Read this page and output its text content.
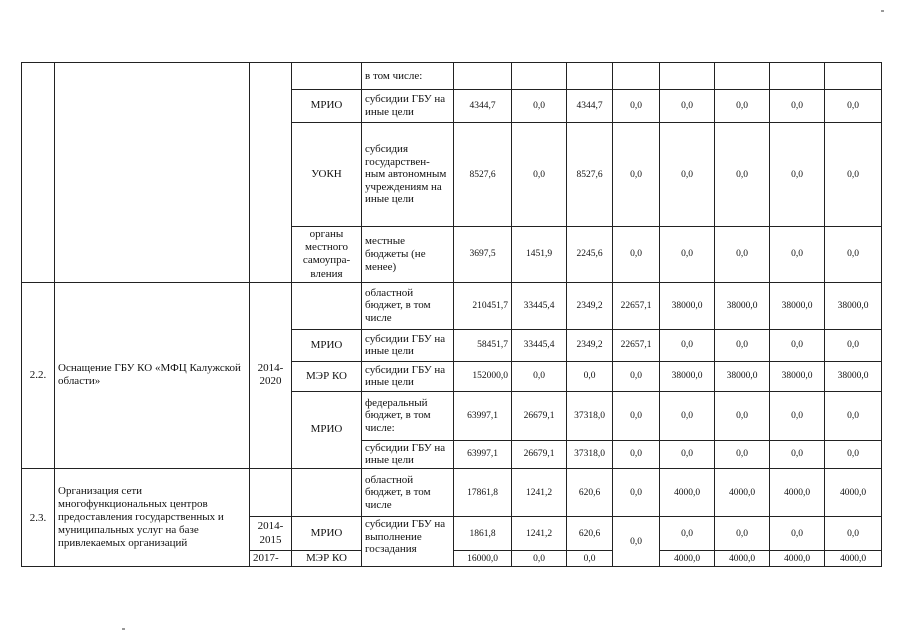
				в том числе:								
			МРИО	субсидии ГБУ на иные цели	4344,7	0,0	4344,7	0,0	0,0	0,0	0,0	0,0
			УОКН	субсидия государствен-ным автономным учреждениям на иные цели	8527,6	0,0	8527,6	0,0	0,0	0,0	0,0	0,0
			органы местного самоупра-вления	местные бюджеты (не менее)	3697,5	1451,9	2245,6	0,0	0,0	0,0	0,0	0,0
2.2.	Оснащение ГБУ КО «МФЦ Калужской области»	2014-2020		областной бюджет, в том числе	210451,7	33445,4	2349,2	22657,1	38000,0	38000,0	38000,0	38000,0
			МРИО	субсидии ГБУ на иные цели	58451,7	33445,4	2349,2	22657,1	0,0	0,0	0,0	0,0
			МЭР КО	субсидии ГБУ на иные цели	152000,0	0,0	0,0	0,0	38000,0	38000,0	38000,0	38000,0
			МРИО	федеральный бюджет, в том числе:	63997,1	26679,1	37318,0	0,0	0,0	0,0	0,0	0,0
				субсидии ГБУ на иные цели	63997,1	26679,1	37318,0	0,0	0,0	0,0	0,0	0,0
2.3.	Организация сети многофункциональных центров предоставления государственных и муниципальных услуг на базе привлекаемых организаций			областной бюджет, в том числе	17861,8	1241,2	620,6	0,0	4000,0	4000,0	4000,0	4000,0
		2014-2015	МРИО	субсидии ГБУ на выполнение госзадания	1861,8	1241,2	620,6	0,0	0,0	0,0	0,0	0,0
		2017-	МЭР КО		16000,0	0,0	0,0		4000,0	4000,0	4000,0	4000,0
